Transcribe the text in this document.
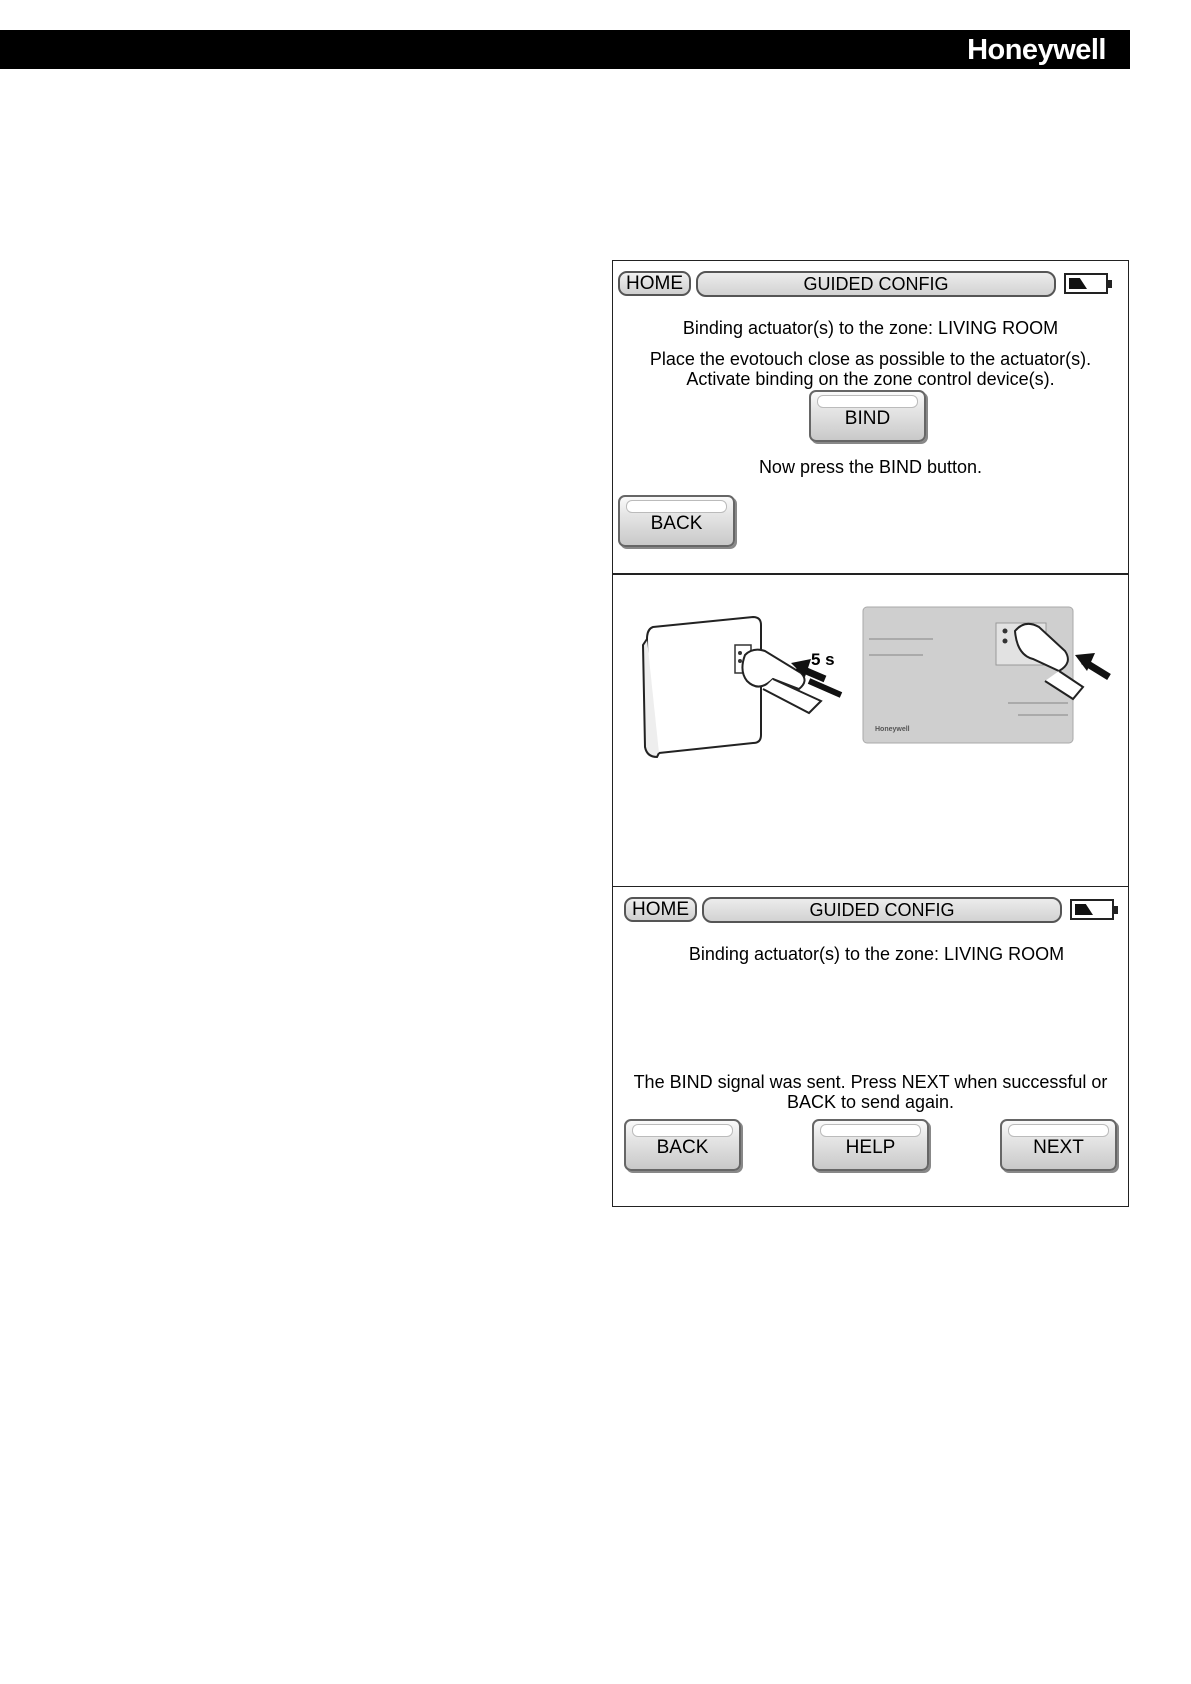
Honeywell
HOME	GUIDED CONFIG
Binding actuator(s) to the zone: LIVING ROOM
Place the evotouch close as possible to the actuator(s).
Activate binding on the zone control device(s).
BIND
Now press the BIND button.
BACK
5 s
Honeywell
HOME	GUIDED CONFIG
Binding actuator(s) to the zone: LIVING ROOM
The BIND signal was sent. Press NEXT when successful or
BACK to send again.
BACK	HELP	NEXT
